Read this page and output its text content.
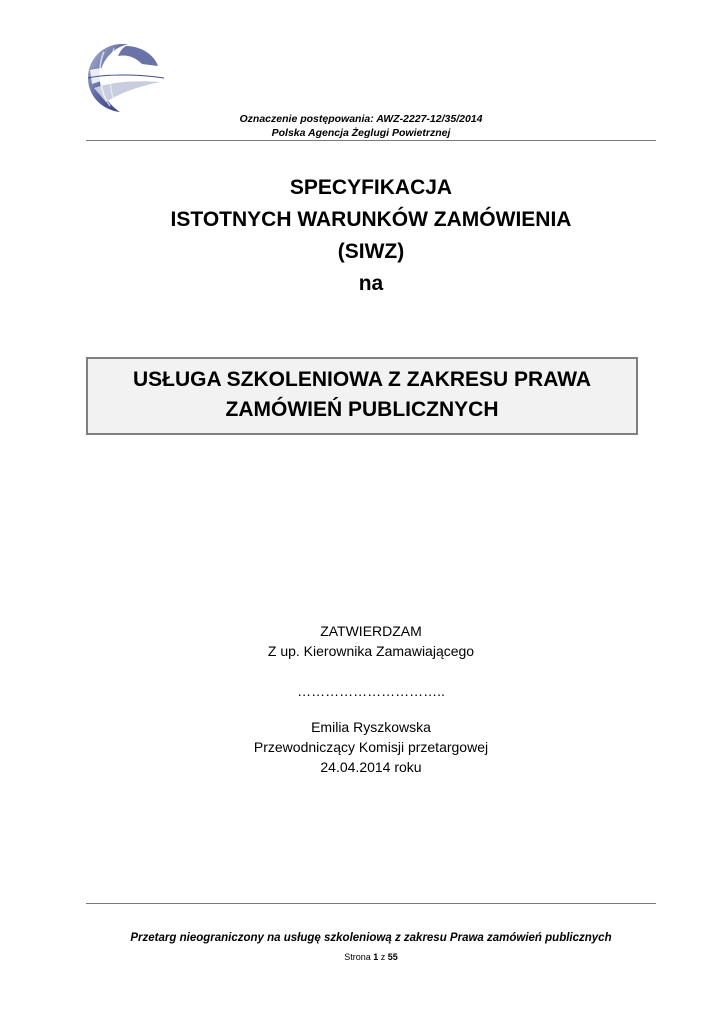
Oznaczenie postępowania: AWZ-2227-12/35/2014
Polska Agencja Żeglugi Powietrznej
SPECYFIKACJA
ISTOTNYCH WARUNKÓW ZAMÓWIENIA
(SIWZ)
na
USŁUGA SZKOLENIOWA Z ZAKRESU PRAWA
ZAMÓWIEŃ PUBLICZNYCH
ZATWIERDZAM
Z up. Kierownika Zamawiającego
…………………………..
Emilia Ryszkowska
Przewodniczący Komisji przetargowej
24.04.2014 roku
Przetarg nieograniczony na usługę szkoleniową z zakresu Prawa zamówień publicznych
Strona 1 z 55
